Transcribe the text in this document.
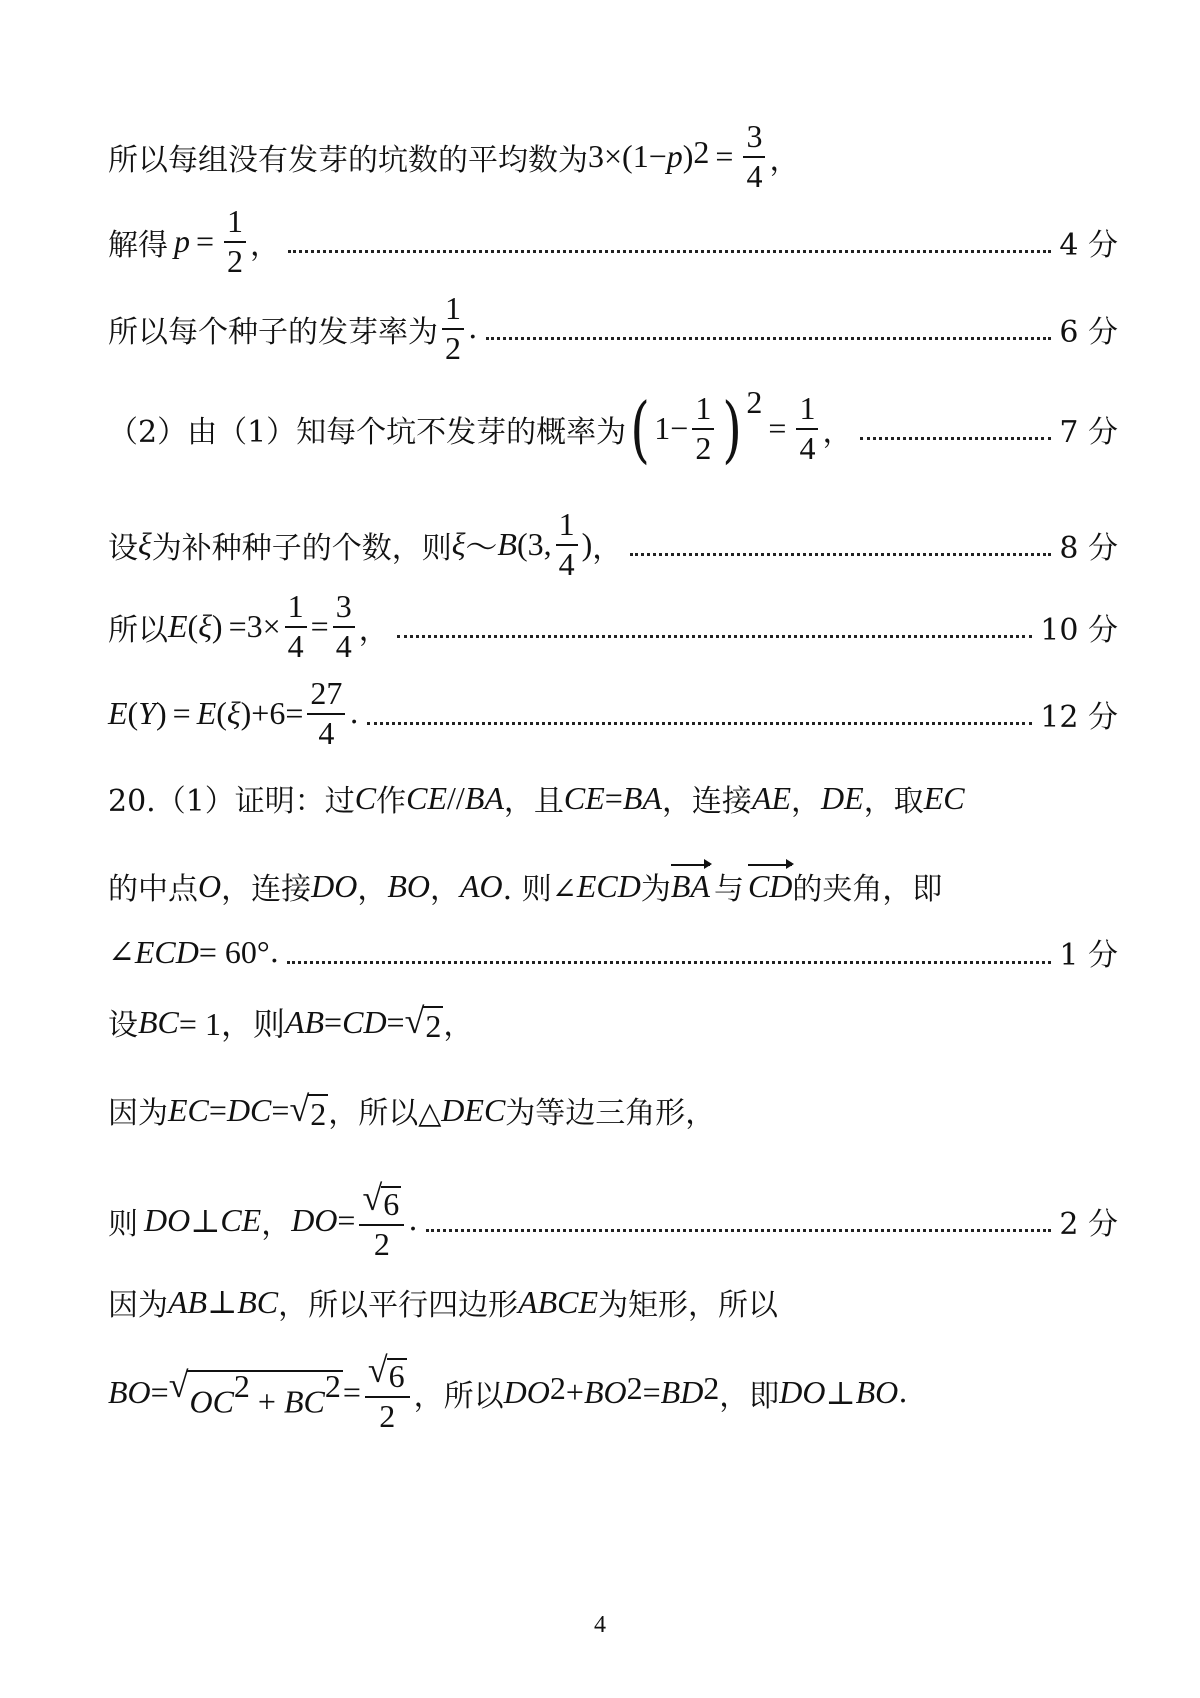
所以每组没有发芽的坑数的平均数为 3×(1− p )$^2 = \frac{3}{4}$ ，
解得 $p = \frac{1}{2}$ ，	4 分
所以每个种子的发芽率为 $\frac{1}{2}$ .	6 分
（2）由（1）知每个坑不发芽的概率为 ( $1- \frac{1}{2} )^2$
= $\frac{1}{4}$ ，	7 分
设 ξ 为补种种子的个数，则 ξ ～ B (3, $\frac{1}{4}$ ) ，	8 分
所以 E ( ξ ) $=3\times \frac{1}{4} = \frac{3}{4}$ ，	10 分
E ( Y ) = E ( ξ ) $+6= \frac{27}{4}$ .	12 分
20.（1）证明：过 C 作 CE // BA ，且 CE = BA ，连接 AE ， DE ，取 EC
的中点 O ，连接 DO ， BO ， AO . 则∠ ECD 为 BA 与 CD 的夹角，即
∠ ECD = 60° .	1 分
设 BC = 1，则 AB = CD = √ 2 ，
因为 EC = DC = √ 2 ，所以△ DEC 为等边三角形，
则 DO ⊥ CE ， DO = $\frac{√ 6}{2}$ .	2 分
因为 AB ⊥ BC ，所以平行四边形 ABCE 为矩形，所以
BO = √ $OC^2 + BC^2 = \frac{√ 6}{2}$ ，所以 $DO^2 + BO^2 = BD^2$ ，即 DO ⊥ BO .
4
